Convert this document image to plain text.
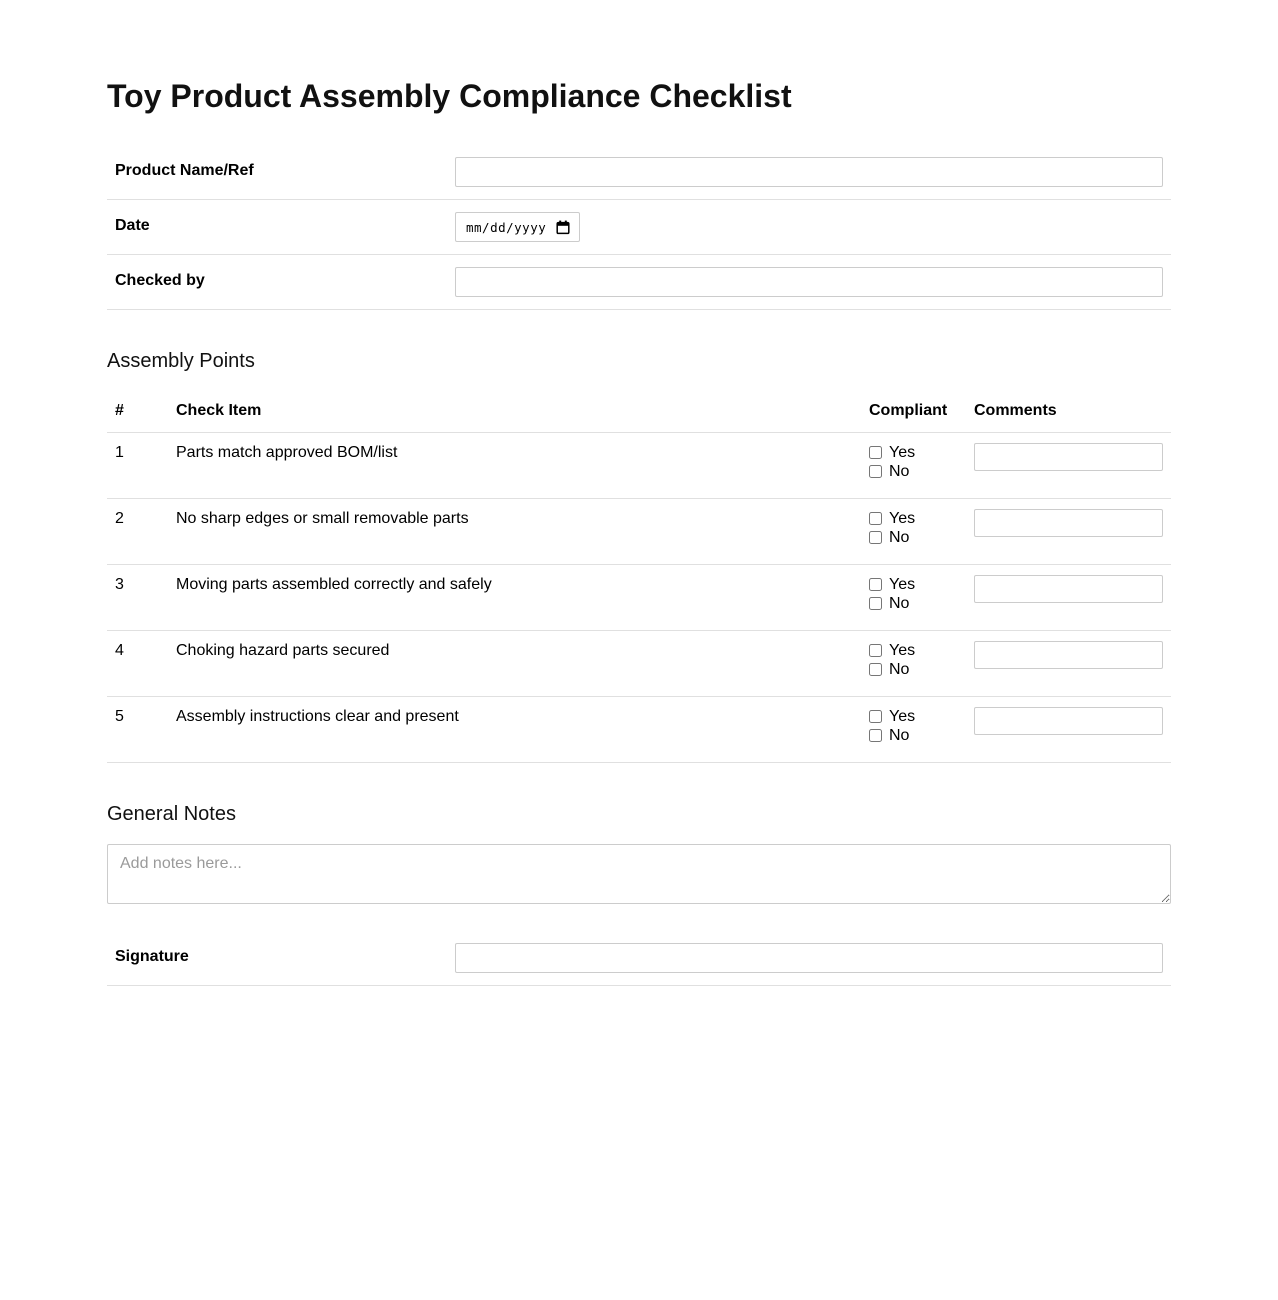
Toy Product Assembly Compliance Checklist
Product Name/Ref
Date	mm/dd/yyyy
Checked by
Assembly Points
#	Check Item	Compliant	Comments
1	Parts match approved BOM/list	Yes
No

2	No sharp edges or small removable parts	Yes
No

3	Moving parts assembled correctly and safely	Yes
No

4	Choking hazard parts secured	Yes
No

5	Assembly instructions clear and present	Yes
No

General Notes
Add notes here...
Signature
